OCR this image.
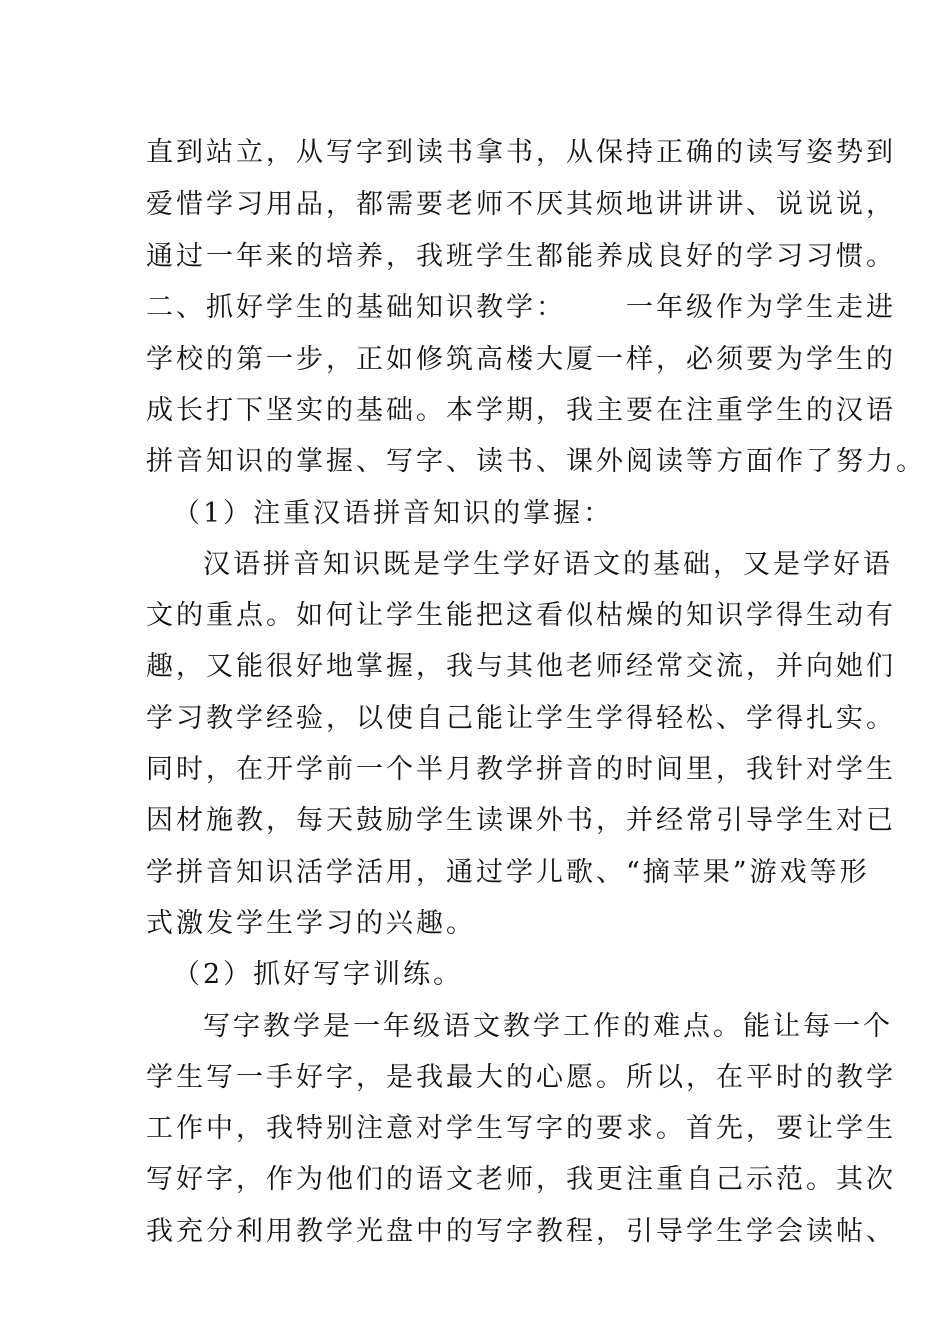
直到站立，从写字到读书拿书，从保持正确的读写姿势到
爱惜学习用品，都需要老师不厌其烦地讲讲讲、说说说，
通过一年来的培养，我班学生都能养成良好的学习习惯。
二、抓好学生的基础知识教学： 一年级作为学生走进
学校的第一步，正如修筑高楼大厦一样，必须要为学生的
成长打下坚实的基础。本学期，我主要在注重学生的汉语
拼音知识的掌握、写字、读书、课外阅读等方面作了努力。
（1）注重汉语拼音知识的掌握：
汉语拼音知识既是学生学好语文的基础，又是学好语
文的重点。如何让学生能把这看似枯燥的知识学得生动有
趣，又能很好地掌握，我与其他老师经常交流，并向她们
学习教学经验，以使自己能让学生学得轻松、学得扎实。
同时，在开学前一个半月教学拼音的时间里，我针对学生
因材施教，每天鼓励学生读课外书，并经常引导学生对已
学拼音知识活学活用，通过学儿歌、“摘苹果”游戏等形
式激发学生学习的兴趣。
（2）抓好写字训练。
写字教学是一年级语文教学工作的难点。能让每一个
学生写一手好字，是我最大的心愿。所以，在平时的教学
工作中，我特别注意对学生写字的要求。首先，要让学生
写好字，作为他们的语文老师，我更注重自己示范。其次
我充分利用教学光盘中的写字教程，引导学生学会读帖、
